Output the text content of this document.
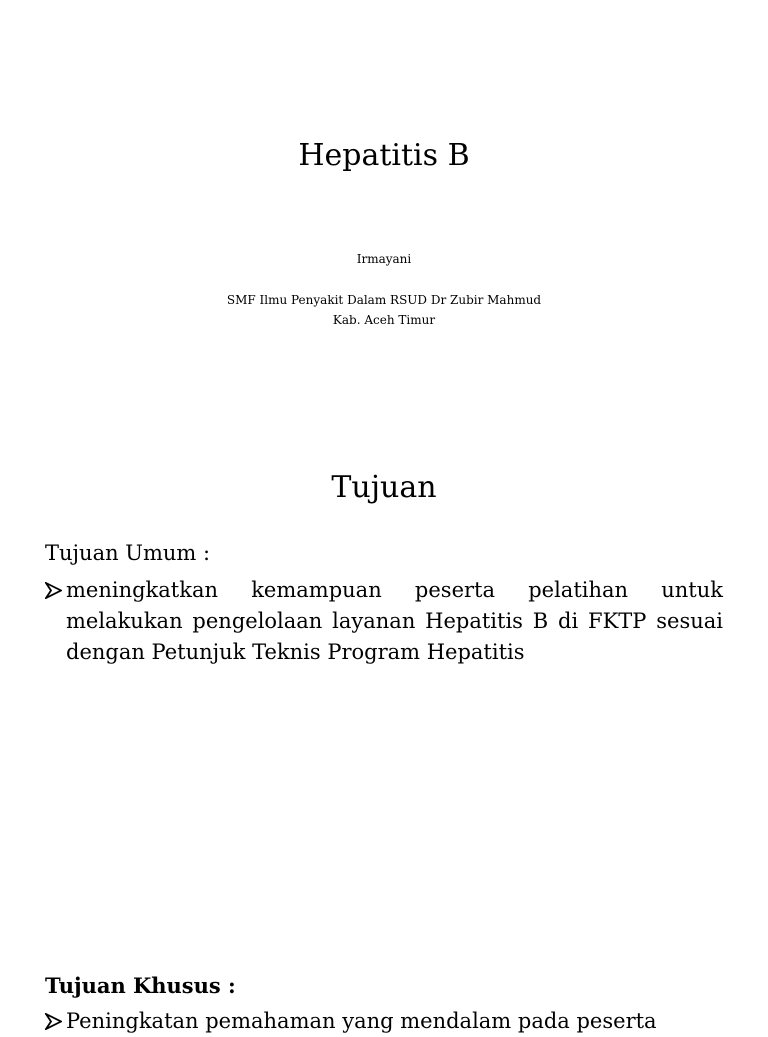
Hepatitis B
Irmayani
SMF Ilmu Penyakit Dalam RSUD Dr Zubir Mahmud
Kab. Aceh Timur
Tujuan
Tujuan Umum :
meningkatkan kemampuan peserta pelatihan untuk melakukan pengelolaan layanan Hepatitis B di FKTP sesuai dengan Petunjuk Teknis Program Hepatitis
Tujuan Khusus :
Peningkatan pemahaman yang mendalam pada peserta
